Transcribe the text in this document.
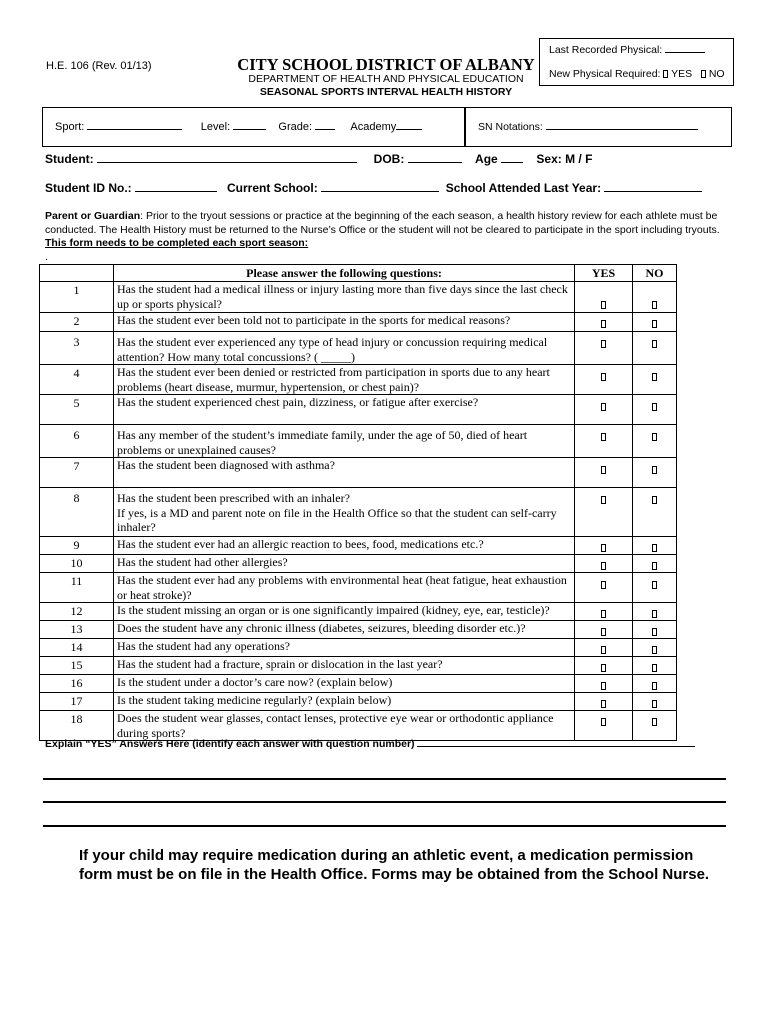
H.E. 106 (Rev. 01/13)	CITY SCHOOL DISTRICT OF ALBANY
DEPARTMENT OF HEALTH AND PHYSICAL EDUCATION
SEASONAL SPORTS INTERVAL HEALTH HISTORY
Last Recorded Physical:
New Physical Required: YES NO
Sport:	Level:	Grade:	Academy	SN Notations:
Student:	DOB:	Age	Sex: M / F
Student ID No.:	Current School:	School Attended Last Year:
Parent or Guardian: Prior to the tryout sessions or practice at the beginning of the each season, a health history review for each athlete must be conducted. The Health History must be returned to the Nurse’s Office or the student will not be cleared to participate in the sport including tryouts. This form needs to be completed each sport season:
.
	Please answer the following questions:	YES	NO
1	Has the student had a medical illness or injury lasting more than five days since the last check up or sports physical?		
2	Has the student ever been told not to participate in the sports for medical reasons?		
3	Has the student ever experienced any type of head injury or concussion requiring medical attention? How many total concussions? ( _____)		
4	Has the student ever been denied or restricted from participation in sports due to any heart problems (heart disease, murmur, hypertension, or chest pain)?		
5	Has the student experienced chest pain, dizziness, or fatigue after exercise?		
6	Has any member of the student’s immediate family, under the age of 50, died of heart problems or unexplained causes?		
7	Has the student been diagnosed with asthma?		
8	Has the student been prescribed with an inhaler?
If yes, is a MD and parent note on file in the Health Office so that the student can self-carry inhaler?		

9	Has the student ever had an allergic reaction to bees, food, medications etc.?		
10	Has the student had other allergies?		
11	Has the student ever had any problems with environmental heat (heat fatigue, heat exhaustion or heat stroke)?		
12	Is the student missing an organ or is one significantly impaired (kidney, eye, ear, testicle)?		
13	Does the student have any chronic illness (diabetes, seizures, bleeding disorder etc.)?		
14	Has the student had any operations?		
15	Has the student had a fracture, sprain or dislocation in the last year?		
16	Is the student under a doctor’s care now? (explain below)		
17	Is the student taking medicine regularly? (explain below)		
18	Does the student wear glasses, contact lenses, protective eye wear or orthodontic appliance during sports?		
Explain “YES” Answers Here (identify each answer with question number)
If your child may require medication during an athletic event, a medication permission form must be on file in the Health Office. Forms may be obtained from the School Nurse.
